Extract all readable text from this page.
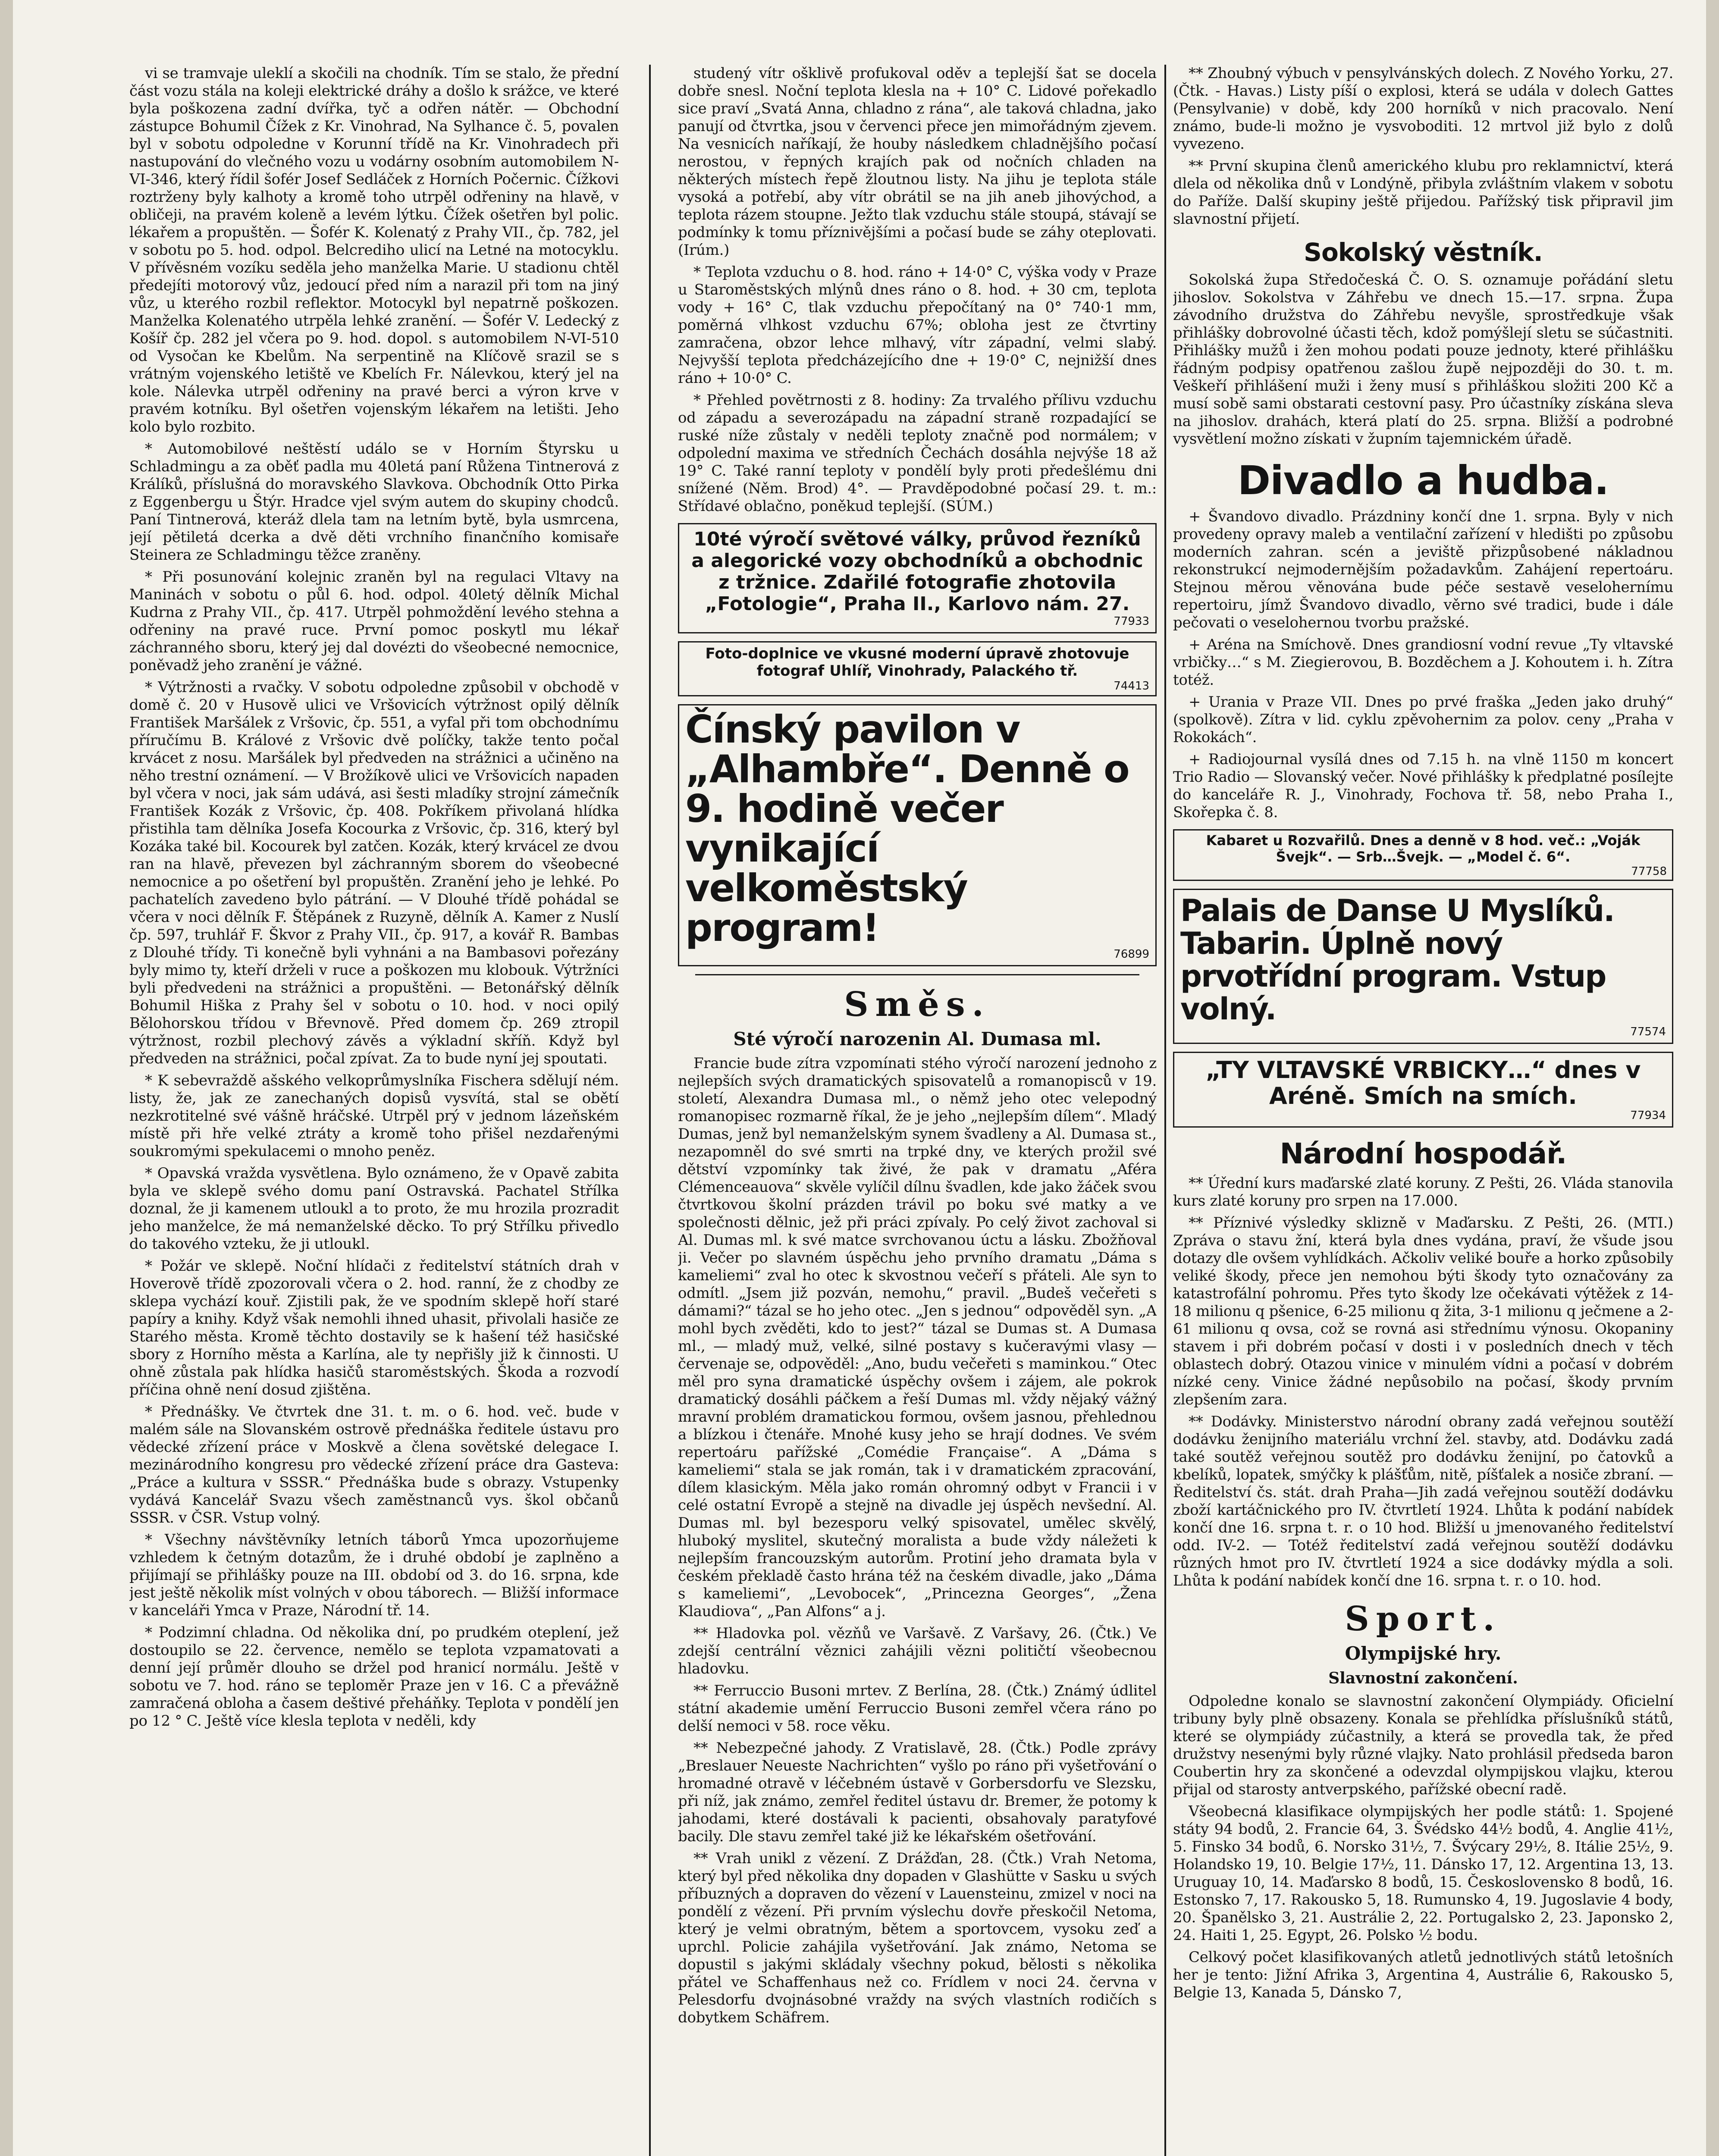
vi se tramvaje uleklí a skočili na chodník. Tím se stalo, že přední část vozu stála na koleji elektrické dráhy a došlo k srážce, ve které byla poškozena zadní dvířka, tyč a odřen nátěr. — Obchodní zástupce Bohumil Čížek z Kr. Vinohrad, Na Sylhance č. 5, povalen byl v sobotu odpoledne v Korunní třídě na Kr. Vinohradech při nastupování do vlečného vozu u vodárny osobním automobilem N-VI-346, který řídil šofér Josef Sedláček z Horních Počernic. Čížkovi roztrženy byly kalhoty a kromě toho utrpěl odřeniny na hlavě, v obličeji, na pravém koleně a levém lýtku. Čížek ošetřen byl polic. lékařem a propuštěn. — Šofér K. Kolenatý z Prahy VII., čp. 782, jel v sobotu po 5. hod. odpol. Belcrediho ulicí na Letné na motocyklu. V přívěsném vozíku seděla jeho manželka Marie. U stadionu chtěl předejíti motorový vůz, jedoucí před ním a narazil při tom na jiný vůz, u kterého rozbil reflektor. Motocykl byl nepatrně poškozen. Manželka Kolenatého utrpěla lehké zranění. — Šofér V. Ledecký z Košíř čp. 282 jel včera po 9. hod. dopol. s automobilem N-VI-510 od Vysočan ke Kbelům. Na serpentině na Klíčově srazil se s vrátným vojenského letiště ve Kbelích Fr. Nálevkou, který jel na kole. Nálevka utrpěl odřeniny na pravé berci a výron krve v pravém kotníku. Byl ošetřen vojenským lékařem na letišti. Jeho kolo bylo rozbito.

* Automobilové neštěstí událo se v Horním Štyrsku u Schladmingu a za oběť padla mu 40letá paní Růžena Tintnerová z Králíků, příslušná do moravského Slavkova. Obchodník Otto Pirka z Eggenbergu u Štýr. Hradce vjel svým autem do skupiny chodců. Paní Tintnerová, kteráž dlela tam na letním bytě, byla usmrcena, její pětiletá dcerka a dvě děti vrchního finančního komisaře Steinera ze Schladmingu těžce zraněny.

* Při posunování kolejnic zraněn byl na regulaci Vltavy na Maninách v sobotu o půl 6. hod. odpol. 40letý dělník Michal Kudrna z Prahy VII., čp. 417. Utrpěl pohmoždění levého stehna a odřeniny na pravé ruce. První pomoc poskytl mu lékař záchranného sboru, který jej dal dovézti do všeobecné nemocnice, poněvadž jeho zranění je vážné.

* Výtržnosti a rvačky. V sobotu odpoledne způsobil v obchodě v domě č. 20 v Husově ulici ve Vršovicích výtržnost opilý dělník František Maršálek z Vršovic, čp. 551, a vyfal při tom obchodnímu příručímu B. Králové z Vršovic dvě políčky, takže tento počal krvácet z nosu. Maršálek byl předveden na strážnici a učiněno na něho trestní oznámení. — V Brožíkově ulici ve Vršovicích napaden byl včera v noci, jak sám udává, asi šesti mladíky strojní zámečník František Kozák z Vršovic, čp. 408. Pokříkem přivolaná hlídka přistihla tam dělníka Josefa Kocourka z Vršovic, čp. 316, který byl Kozáka také bil. Kocourek byl zatčen. Kozák, který krvácel ze dvou ran na hlavě, převezen byl záchranným sborem do všeobecné nemocnice a po ošetření byl propuštěn. Zranění jeho je lehké. Po pachatelích zavedeno bylo pátrání. — V Dlouhé třídě pohádal se včera v noci dělník F. Štěpánek z Ruzyně, dělník A. Kamer z Nuslí čp. 597, truhlář F. Škvor z Prahy VII., čp. 917, a kovář R. Bambas z Dlouhé třídy. Ti konečně byli vyhnáni a na Bambasovi pořezány byly mimo ty, kteří drželi v ruce a poškozen mu klobouk. Výtržníci byli předvedeni na strážnici a propuštěni. — Betonářský dělník Bohumil Hiška z Prahy šel v sobotu o 10. hod. v noci opilý Bělohorskou třídou v Břevnově. Před domem čp. 269 ztropil výtržnost, rozbil plechový závěs a výkladní skříň. Když byl předveden na strážnici, počal zpívat. Za to bude nyní jej spoutati.

* K sebevraždě ašského velkoprůmyslníka Fischera sdělují ném. listy, že, jak ze zanechaných dopisů vysvítá, stal se obětí nezkrotitelné své vášně hráčské. Utrpěl prý v jednom lázeňském místě při hře velké ztráty a kromě toho přišel nezdařenými soukromými spekulacemi o mnoho peněz.

* Opavská vražda vysvětlena. Bylo oznámeno, že v Opavě zabita byla ve sklepě svého domu paní Ostravská. Pachatel Střílka doznal, že ji kamenem utloukl a to proto, že mu hrozila prozradit jeho manželce, že má nemanželské děcko. To prý Střílku přivedlo do takového vzteku, že ji utloukl.

* Požár ve sklepě. Noční hlídači z ředitelství státních drah v Hoverově třídě zpozorovali včera o 2. hod. ranní, že z chodby ze sklepa vychází kouř. Zjistili pak, že ve spodním sklepě hoří staré papíry a knihy. Když však nemohli ihned uhasit, přivolali hasiče ze Starého města. Kromě těchto dostavily se k hašení též hasičské sbory z Horního města a Karlína, ale ty nepřišly již k činnosti. U ohně zůstala pak hlídka hasičů staroměstských. Škoda a rozvodí příčina ohně není dosud zjištěna.

* Přednášky. Ve čtvrtek dne 31. t. m. o 6. hod. več. bude v malém sále na Slovanském ostrově přednáška ředitele ústavu pro vědecké zřízení práce v Moskvě a člena sovětské delegace I. mezinárodního kongresu pro vědecké zřízení práce dra Gasteva: „Práce a kultura v SSSR.“ Přednáška bude s obrazy. Vstupenky vydává Kancelář Svazu všech zaměstnanců vys. škol občanů SSSR. v ČSR. Vstup volný.

* Všechny návštěvníky letních táborů Ymca upozorňujeme vzhledem k četným dotazům, že i druhé období je zaplněno a přijímají se přihlášky pouze na III. období od 3. do 16. srpna, kde jest ještě několik míst volných v obou táborech. — Bližší informace v kanceláři Ymca v Praze, Národní tř. 14.

* Podzimní chladna. Od několika dní, po prudkém oteplení, jež dostoupilo se 22. července, nemělo se teplota vzpamatovati a denní její průměr dlouho se držel pod hranicí normálu. Ještě v sobotu ve 7. hod. ráno se teploměr Praze jen v 16. C a převážně zamračená obloha a časem deštivé přeháňky. Teplota v pondělí jen po 12 ° C. Ještě více klesla teplota v neděli, kdy

studený vítr ošklivě profukoval oděv a teplejší šat se docela dobře snesl. Noční teplota klesla na + 10° C. Lidové pořekadlo sice praví „Svatá Anna, chladno z rána“, ale taková chladna, jako panují od čtvrtka, jsou v červenci přece jen mimořádným zjevem. Na vesnicích naříkají, že houby následkem chladnějšího počasí nerostou, v řepných krajích pak od nočních chladen na některých místech řepě žloutnou listy. Na jihu je teplota stále vysoká a potřebí, aby vítr obrátil se na jih aneb jihovýchod, a teplota rázem stoupne. Ježto tlak vzduchu stále stoupá, stávají se podmínky k tomu příznivějšími a počasí bude se záhy oteplovati. (Irúm.)

* Teplota vzduchu o 8. hod. ráno + 14·0° C, výška vody v Praze u Staroměstských mlýnů dnes ráno o 8. hod. + 30 cm, teplota vody + 16° C, tlak vzduchu přepočítaný na 0° 740·1 mm, poměrná vlhkost vzduchu 67%; obloha jest ze čtvrtiny zamračena, obzor lehce mlhavý, vítr západní, velmi slabý. Nejvyšší teplota předcházejícího dne + 19·0° C, nejnižší dnes ráno + 10·0° C.

* Přehled povětrnosti z 8. hodiny: Za trvalého přílivu vzduchu od západu a severozápadu na západní straně rozpadající se ruské níže zůstaly v neděli teploty značně pod normálem; v odpolední maxima ve středních Čechách dosáhla nejvýše 18 až 19° C. Také ranní teploty v pondělí byly proti předešlému dni snížené (Něm. Brod) 4°. — Pravděpodobné počasí 29. t. m.: Střídavé oblačno, poněkud teplejší. (SÚM.)

10té výročí světové války, průvod řezníků a alegorické vozy obchodníků a obchodnic z tržnice. Zdařilé fotografie zhotovila „Fotologie“, Praha II., Karlovo nám. 27.
77933
Foto-doplnice ve vkusné moderní úpravě zhotovuje fotograf Uhlíř, Vinohrady, Palackého tř.
74413
Čínský pavilon v „Alhambře“. Denně o 9. hodině večer vynikající velkoměstský program!
76899
Směs.
Sté výročí narozenin Al. Dumasa ml.

Francie bude zítra vzpomínati stého výročí narození jednoho z nejlepších svých dramatických spisovatelů a romanopisců v 19. století, Alexandra Dumasa ml., o němž jeho otec velepodný romanopisec rozmarně říkal, že je jeho „nejlepším dílem“. Mladý Dumas, jenž byl nemanželským synem švadleny a Al. Dumasa st., nezapomněl do své smrti na trpké dny, ve kterých prožil své dětství vzpomínky tak živé, že pak v dramatu „Aféra Clémenceauova“ skvěle vylíčil dílnu švadlen, kde jako žáček svou čtvrtkovou školní prázden trávil po boku své matky a ve společnosti dělnic, jež při práci zpívaly. Po celý život zachoval si Al. Dumas ml. k své matce svrchovanou úctu a lásku. Zbožňoval ji. Večer po slavném úspěchu jeho prvního dramatu „Dáma s kameliemi“ zval ho otec k skvostnou večeří s přáteli. Ale syn to odmítl. „Jsem již pozván, nemohu,“ pravil. „Budeš večeřeti s dámami?“ tázal se ho jeho otec. „Jen s jednou“ odpověděl syn. „A mohl bych zvěděti, kdo to jest?“ tázal se Dumas st. A Dumasa ml., — mladý muž, velké, silné postavy s kučeravými vlasy — červenaje se, odpověděl: „Ano, budu večeřeti s maminkou.“ Otec měl pro syna dramatické úspěchy ovšem i zájem, ale pokrok dramatický dosáhli páčkem a řeší Dumas ml. vždy nějaký vážný mravní problém dramatickou formou, ovšem jasnou, přehlednou a blízkou i čtenáře. Mnohé kusy jeho se hrají dodnes. Ve svém repertoáru pařížské „Comédie Française“. A „Dáma s kameliemi“ stala se jak román, tak i v dramatickém zpracování, dílem klasickým. Měla jako román ohromný odbyt v Francii i v celé ostatní Evropě a stejně na divadle jej úspěch nevšední. Al. Dumas ml. byl bezesporu velký spisovatel, umělec skvělý, hluboký myslitel, skutečný moralista a bude vždy náležeti k nejlepším francouzským autorům. Protiní jeho dramata byla v českém překladě často hrána též na českém divadle, jako „Dáma s kameliemi“, „Levobocek“, „Princezna Georges“, „Žena Klaudiova“, „Pan Alfons“ a j.

** Hladovka pol. vězňů ve Varšavě. Z Varšavy, 26. (Čtk.) Ve zdejší centrální věznici zahájili vězni političtí všeobecnou hladovku.

** Ferruccio Busoni mrtev. Z Berlína, 28. (Čtk.) Známý údlitel státní akademie umění Ferruccio Busoni zemřel včera ráno po delší nemoci v 58. roce věku.

** Nebezpečné jahody. Z Vratislavě, 28. (Čtk.) Podle zprávy „Breslauer Neueste Nachrichten“ vyšlo po ráno při vyšetřování o hromadné otravě v léčebném ústavě v Gorbersdorfu ve Slezsku, při níž, jak známo, zemřel ředitel ústavu dr. Bremer, že potomy k jahodami, které dostávali k pacienti, obsahovaly paratyfové bacily. Dle stavu zemřel také již ke lékařském ošetřování.

** Vrah unikl z vězení. Z Drážďan, 28. (Čtk.) Vrah Netoma, který byl před několika dny dopaden v Glashütte v Sasku u svých příbuzných a dopraven do vězení v Lauensteinu, zmizel v noci na pondělí z vězení. Při prvním výslechu dovře přeskočil Netoma, který je velmi obratným, bětem a sportovcem, vysoku zeď a uprchl. Policie zahájila vyšetřování. Jak známo, Netoma se dopustil s jakými skládaly všechny pokud, bělosti s několika přátel ve Schaffenhaus než co. Frídlem v noci 24. června v Pelesdorfu dvojnásobné vraždy na svých vlastních rodičích s dobytkem Schäfrem.

** Zhoubný výbuch v pensylvánských dolech. Z Nového Yorku, 27. (Čtk. - Havas.) Listy píší o explosi, která se udála v dolech Gattes (Pensylvanie) v době, kdy 200 horníků v nich pracovalo. Není známo, bude-li možno je vysvoboditi. 12 mrtvol již bylo z dolů vyvezeno.

** První skupina členů amerického klubu pro reklamnictví, která dlela od několika dnů v Londýně, přibyla zvláštním vlakem v sobotu do Paříže. Další skupiny ještě přijedou. Pařížský tisk připravil jim slavnostní přijetí.

Sokolský věstník.

Sokolská župa Středočeská Č. O. S. oznamuje pořádání sletu jihoslov. Sokolstva v Záhřebu ve dnech 15.—17. srpna. Župa závodního družstva do Záhřebu nevyšle, sprostředkuje však přihlášky dobrovolné účasti těch, kdož pomýšlejí sletu se súčastniti. Přihlášky mužů i žen mohou podati pouze jednoty, které přihlášku řádným podpisy opatřenou zašlou župě nejpozději do 30. t. m. Veškeří přihlášení muži i ženy musí s přihláškou složiti 200 Kč a musí sobě sami obstarati cestovní pasy. Pro účastníky získána sleva na jihoslov. drahách, která platí do 25. srpna. Bližší a podrobné vysvětlení možno získati v župním tajemnickém úřadě.

Divadlo a hudba.

+ Švandovo divadlo. Prázdniny končí dne 1. srpna. Byly v nich provedeny opravy maleb a ventilační zařízení v hledišti po způsobu moderních zahran. scén a jeviště přizpůsobené nákladnou rekonstrukcí nejmodernějším požadavkům. Zahájení repertoáru. Stejnou měrou věnována bude péče sestavě veselohernímu repertoiru, jímž Švandovo divadlo, věrno své tradici, bude i dále pečovati o veselohernou tvorbu pražské.

+ Aréna na Smíchově. Dnes grandiosní vodní revue „Ty vltavské vrbičky…“ s M. Ziegierovou, B. Bozděchem a J. Kohoutem i. h. Zítra totéž.

+ Urania v Praze VII. Dnes po prvé fraška „Jeden jako druhý“ (spolkově). Zítra v lid. cyklu zpěvohernim za polov. ceny „Praha v Rokokách“.

+ Radiojournal vysílá dnes od 7.15 h. na vlně 1150 m koncert Trio Radio — Slovanský večer. Nové přihlášky k předplatné posílejte do kanceláře R. J., Vinohrady, Fochova tř. 58, nebo Praha I., Skořepka č. 8.

Kabaret u Rozvařilů. Dnes a denně v 8 hod. več.: „Voják Švejk“. — Srb…Švejk. — „Model č. 6“.
77758
Palais de Danse U Myslíků. Tabarin. Úplně nový prvotřídní program. Vstup volný.
77574
„TY VLTAVSKÉ VRBICKY…“ dnes v Aréně. Smích na smích.
77934
Národní hospodář.

** Úřední kurs maďarské zlaté koruny. Z Pešti, 26. Vláda stanovila kurs zlaté koruny pro srpen na 17.000.

** Příznivé výsledky sklizně v Maďarsku. Z Pešti, 26. (MTI.) Zpráva o stavu žní, která byla dnes vydána, praví, že všude jsou dotazy dle ovšem vyhlídkách. Ačkoliv veliké bouře a horko způsobily veliké škody, přece jen nemohou býti škody tyto označovány za katastrofální pohromu. Přes tyto škody lze očekávati výtěžek z 14-18 milionu q pšenice, 6-25 milionu q žita, 3-1 milionu q ječmene a 2-61 milionu q ovsa, což se rovná asi střednímu výnosu. Okopaniny stavem i při dobrém počasí v dosti i v posledních dnech v těch oblastech dobrý. Otazou vinice v minulém vídni a počasí v dobrém nízké ceny. Vinice žádné nepůsobilo na počasí, škody prvním zlepšením zara.

** Dodávky. Ministerstvo národní obrany zadá veřejnou soutěží dodávku ženijního materiálu vrchní žel. stavby, atd. Dodávku zadá také soutěž veřejnou soutěž pro dodávku ženijní, po čatovků a kbelíků, lopatek, smýčky k plášťům, nitě, píšťalek a nosiče zbraní. — Ředitelství čs. stát. drah Praha—Jih zadá veřejnou soutěží dodávku zboží kartáčnického pro IV. čtvrtletí 1924. Lhůta k podání nabídek končí dne 16. srpna t. r. o 10 hod. Bližší u jmenovaného ředitelství odd. IV-2. — Totéž ředitelství zadá veřejnou soutěží dodávku různých hmot pro IV. čtvrtletí 1924 a sice dodávky mýdla a soli. Lhůta k podání nabídek končí dne 16. srpna t. r. o 10. hod.

Sport.
Olympijské hry.
Slavnostní zakončení.

Odpoledne konalo se slavnostní zakončení Olympiády. Oficielní tribuny byly plně obsazeny. Konala se přehlídka příslušníků států, které se olympiády zúčastnily, a která se provedla tak, že před družstvy nesenými byly různé vlajky. Nato prohlásil předseda baron Coubertin hry za skončené a odevzdal olympijskou vlajku, kterou přijal od starosty antverpského, pařížské obecní radě.

Všeobecná klasifikace olympijských her podle států: 1. Spojené státy 94 bodů, 2. Francie 64, 3. Švédsko 44½ bodů, 4. Anglie 41½, 5. Finsko 34 bodů, 6. Norsko 31½, 7. Švýcary 29½, 8. Itálie 25½, 9. Holandsko 19, 10. Belgie 17½, 11. Dánsko 17, 12. Argentina 13, 13. Uruguay 10, 14. Maďarsko 8 bodů, 15. Československo 8 bodů, 16. Estonsko 7, 17. Rakousko 5, 18. Rumunsko 4, 19. Jugoslavie 4 body, 20. Španělsko 3, 21. Austrálie 2, 22. Portugalsko 2, 23. Japonsko 2, 24. Haiti 1, 25. Egypt, 26. Polsko ½ bodu.

Celkový počet klasifikovaných atletů jednotlivých států letošních her je tento: Jižní Afrika 3, Argentina 4, Austrálie 6, Rakousko 5, Belgie 13, Kanada 5, Dánsko 7,
